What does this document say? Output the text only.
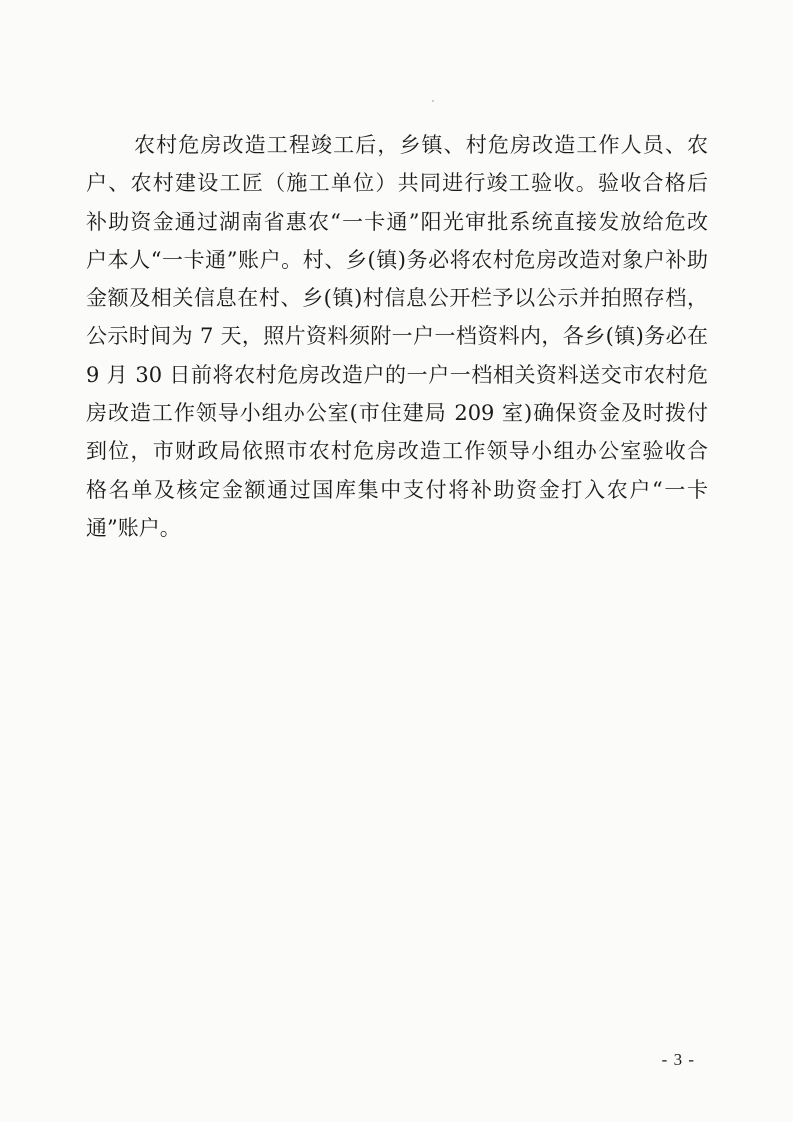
农村危房改造工程竣工后，乡镇、村危房改造工作人员、农
户、农村建设工匠（施工单位）共同进行竣工验收。验收合格后
补助资金通过湖南省惠农“一卡通”阳光审批系统直接发放给危改
户本人“一卡通”账户。村、乡(镇)务必将农村危房改造对象户补助
金额及相关信息在村、乡(镇)村信息公开栏予以公示并拍照存档，
公示时间为 7 天，照片资料须附一户一档资料内，各乡(镇)务必在
9 月 30 日前将农村危房改造户的一户一档相关资料送交市农村危
房改造工作领导小组办公室(市住建局 209 室)确保资金及时拨付
到位，市财政局依照市农村危房改造工作领导小组办公室验收合
格名单及核定金额通过国库集中支付将补助资金打入农户“一卡
通”账户。

- 3 -
